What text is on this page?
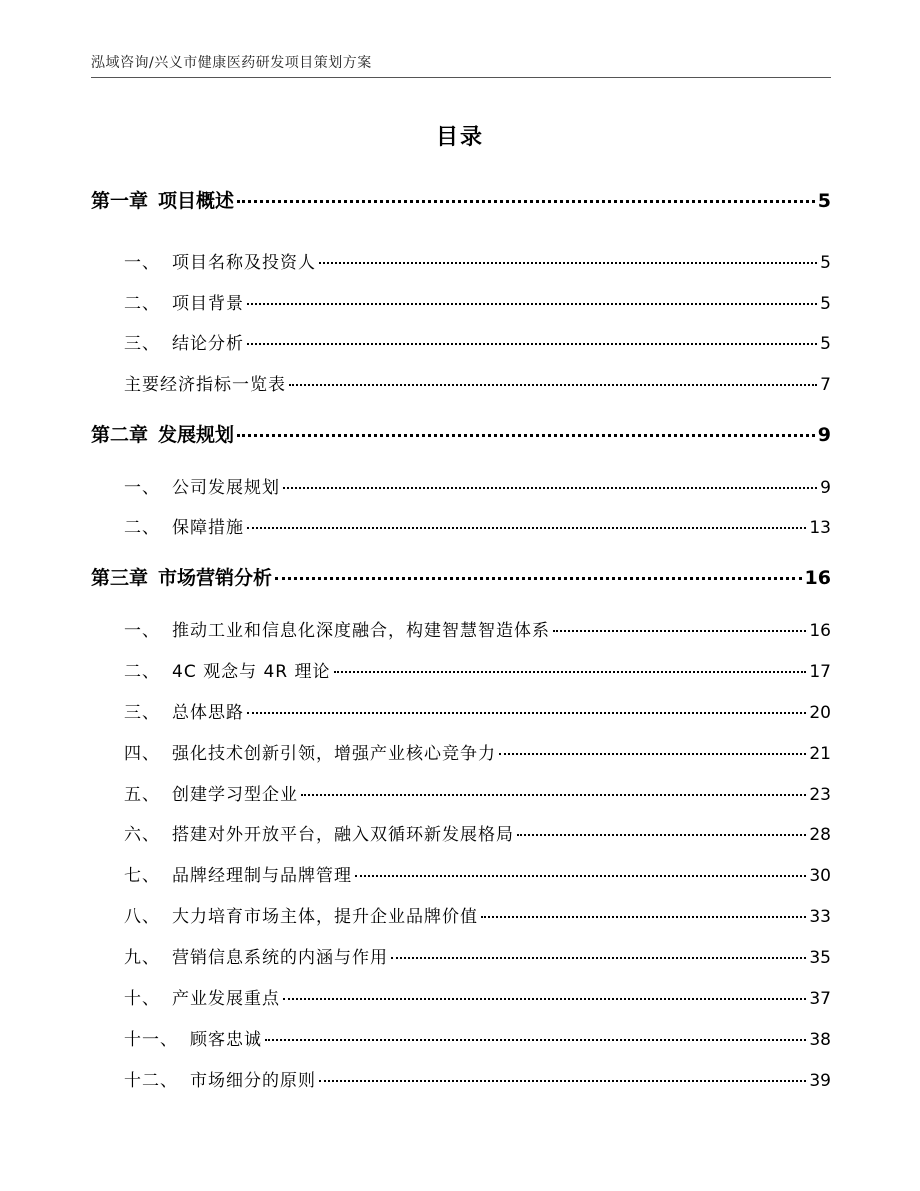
泓域咨询/兴义市健康医药研发项目策划方案
目录
第一章 项目概述	5
一、 项目名称及投资人	5
二、 项目背景	5
三、 结论分析	5
主要经济指标一览表	7
第二章 发展规划	9
一、 公司发展规划	9
二、 保障措施	13
第三章 市场营销分析	16
一、 推动工业和信息化深度融合，构建智慧智造体系	16
二、 4C 观念与 4R 理论	17
三、 总体思路	20
四、 强化技术创新引领，增强产业核心竞争力	21
五、 创建学习型企业	23
六、 搭建对外开放平台，融入双循环新发展格局	28
七、 品牌经理制与品牌管理	30
八、 大力培育市场主体，提升企业品牌价值	33
九、 营销信息系统的内涵与作用	35
十、 产业发展重点	37
十一、 顾客忠诚	38
十二、 市场细分的原则	39
